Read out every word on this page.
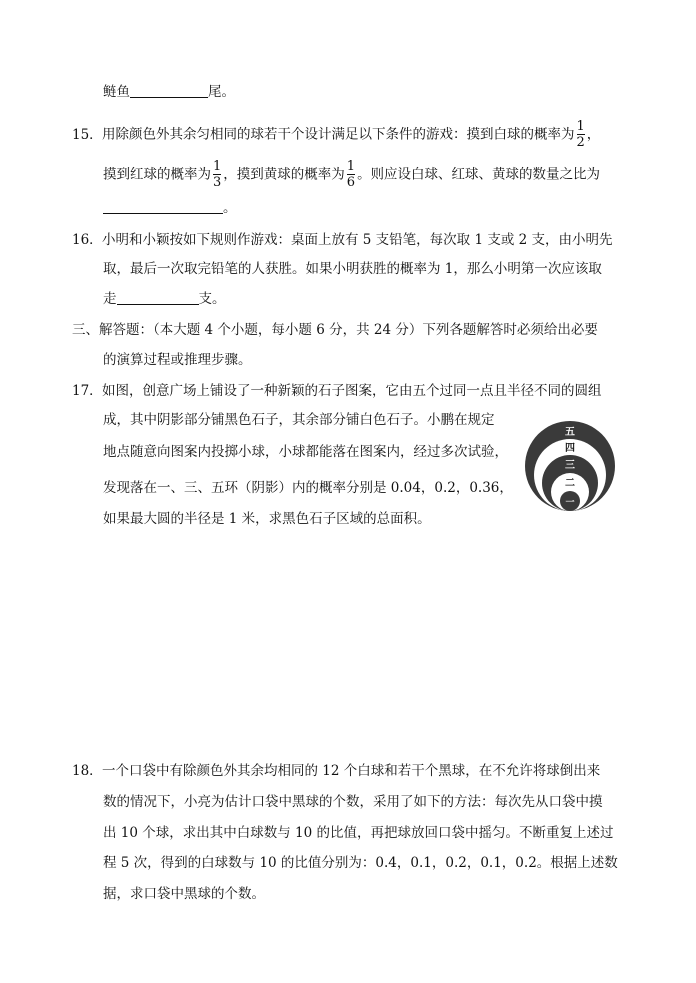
鲢鱼	尾。
15．用除颜色外其余匀相同的球若干个设计满足以下条件的游戏：摸到白球的概率为 $\frac{1}{2}$ ，
摸到红球的概率为 $\frac{1}{3}$ ，摸到黄球的概率为 $\frac{1}{6}$ 。则应设白球、红球、黄球的数量之比为
。
16．小明和小颖按如下规则作游戏：桌面上放有 5 支铅笔，每次取 1 支或 2 支，由小明先
取，最后一次取完铅笔的人获胜。如果小明获胜的概率为 1，那么小明第一次应该取
走	支。
三、解答题：（本大题 4 个小题，每小题 6 分，共 24 分）下列各题解答时必须给出必要
的演算过程或推理步骤。
17．如图，创意广场上铺设了一种新颖的石子图案，它由五个过同一点且半径不同的圆组
成，其中阴影部分铺黑色石子，其余部分铺白色石子。小鹏在规定
地点随意向图案内投掷小球，小球都能落在图案内，经过多次试验，
发现落在一、三、五环（阴影）内的概率分别是 0.04，0.2，0.36，
如果最大圆的半径是 1 米，求黑色石子区域的总面积。
五
四
三
二
一
18．一个口袋中有除颜色外其余均相同的 12 个白球和若干个黑球，在不允许将球倒出来
数的情况下，小亮为估计口袋中黑球的个数，采用了如下的方法：每次先从口袋中摸
出 10 个球，求出其中白球数与 10 的比值，再把球放回口袋中摇匀。不断重复上述过
程 5 次，得到的白球数与 10 的比值分别为：0.4，0.1，0.2，0.1，0.2。根据上述数
据，求口袋中黑球的个数。
